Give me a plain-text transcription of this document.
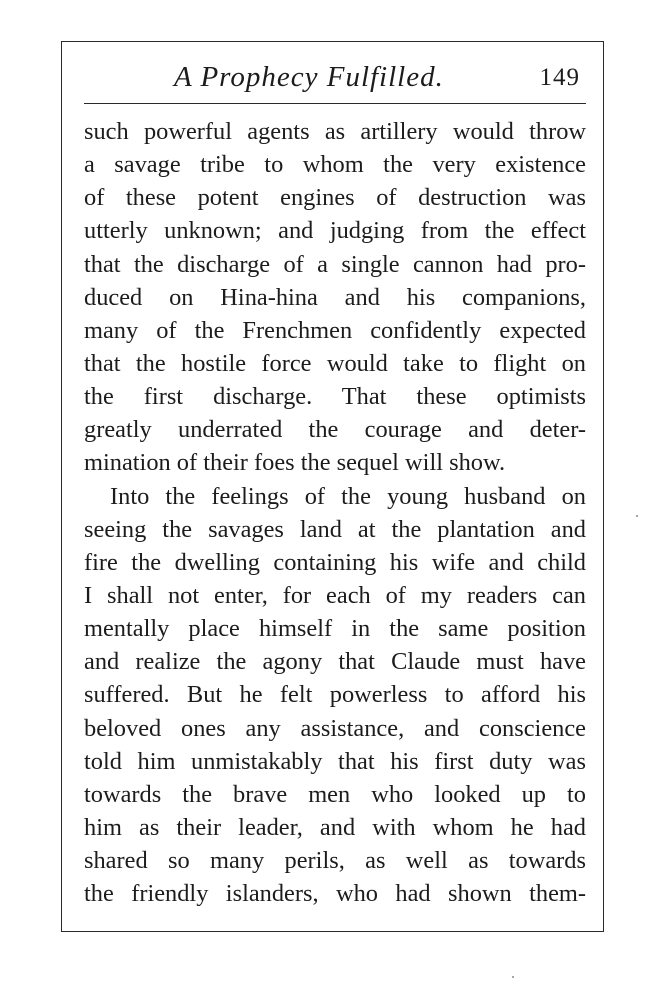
A Prophecy Fulfilled.	149
such powerful agents as artillery would throw
a savage tribe to whom the very existence
of these potent engines of destruction was
utterly unknown; and judging from the effect
that the discharge of a single cannon had pro-
duced on Hina-hina and his companions,
many of the Frenchmen confidently expected
that the hostile force would take to flight on
the first discharge. That these optimists
greatly underrated the courage and deter-
mination of their foes the sequel will show.
Into the feelings of the young husband on
seeing the savages land at the plantation and
fire the dwelling containing his wife and child
I shall not enter, for each of my readers can
mentally place himself in the same position
and realize the agony that Claude must have
suffered. But he felt powerless to afford his
beloved ones any assistance, and conscience
told him unmistakably that his first duty was
towards the brave men who looked up to
him as their leader, and with whom he had
shared so many perils, as well as towards
the friendly islanders, who had shown them-
